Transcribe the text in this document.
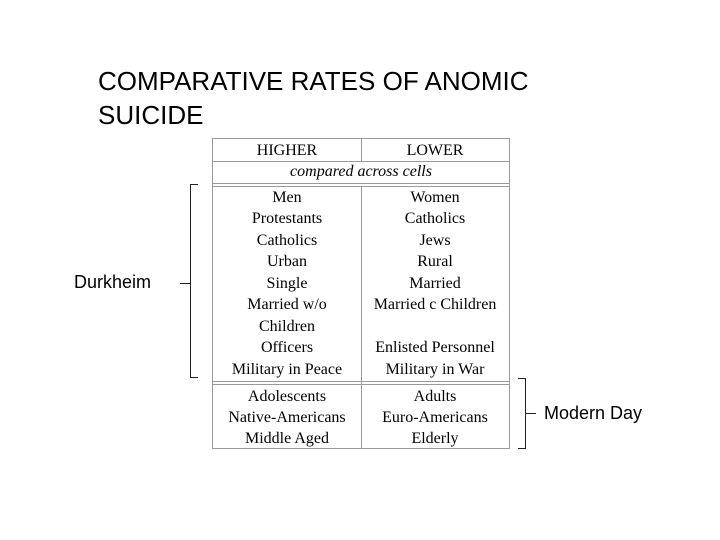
COMPARATIVE RATES OF ANOMIC
SUICIDE
HIGHER	LOWER
compared across cells
Men	Women
Protestants	Catholics
Catholics	Jews
Urban	Rural
Single	Married
Married w/o	Married c Children
Children
Officers	Enlisted Personnel
Military in Peace	Military in War
Adolescents	Adults
Native-Americans	Euro-Americans
Middle Aged	Elderly
Durkheim
Modern Day
